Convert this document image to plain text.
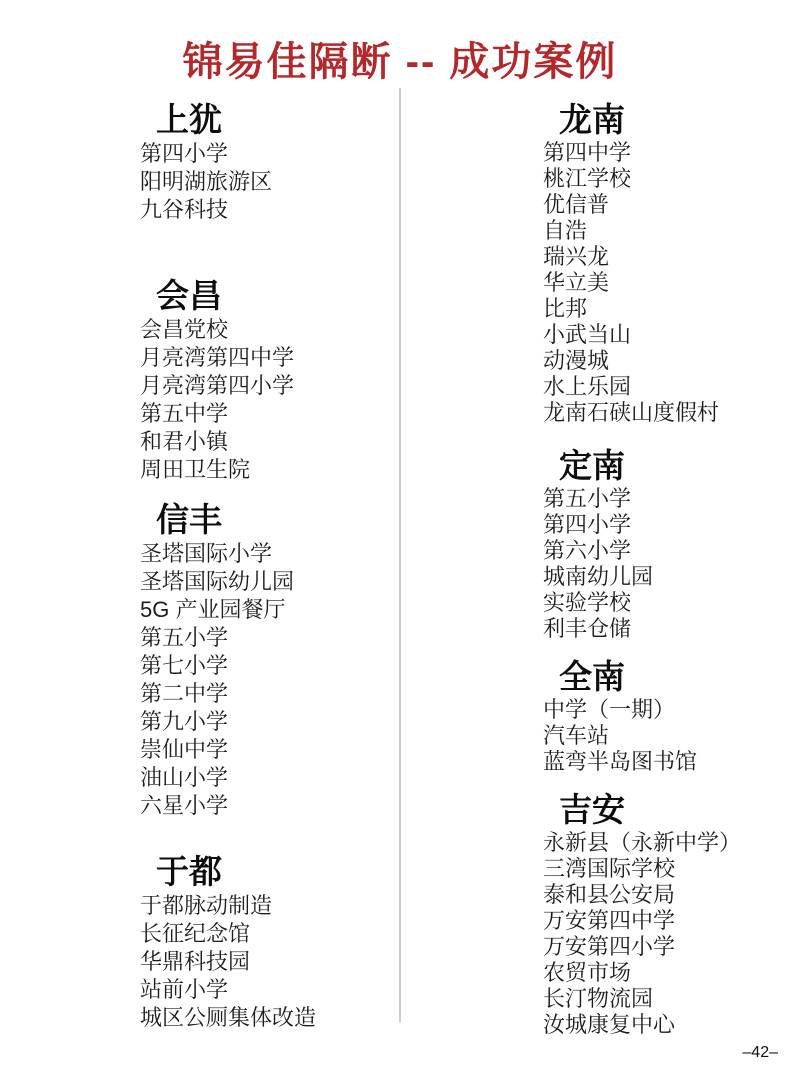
锦易佳隔断 -- 成功案例
上犹
第四小学
阳明湖旅游区
九谷科技
会昌
会昌党校
月亮湾第四中学
月亮湾第四小学
第五中学
和君小镇
周田卫生院
信丰
圣塔国际小学
圣塔国际幼儿园
5G 产业园餐厅
第五小学
第七小学
第二中学
第九小学
崇仙中学
油山小学
六星小学
于都
于都脉动制造
长征纪念馆
华鼎科技园
站前小学
城区公厕集体改造
龙南
第四中学
桃江学校
优信普
自浩
瑞兴龙
华立美
比邦
小武当山
动漫城
水上乐园
龙南石硖山度假村
定南
第五小学
第四小学
第六小学
城南幼儿园
实验学校
利丰仓储
全南
中学（一期）
汽车站
蓝弯半岛图书馆
吉安
永新县（永新中学）
三湾国际学校
泰和县公安局
万安第四中学
万安第四小学
农贸市场
长汀物流园
汝城康复中心
–42–
